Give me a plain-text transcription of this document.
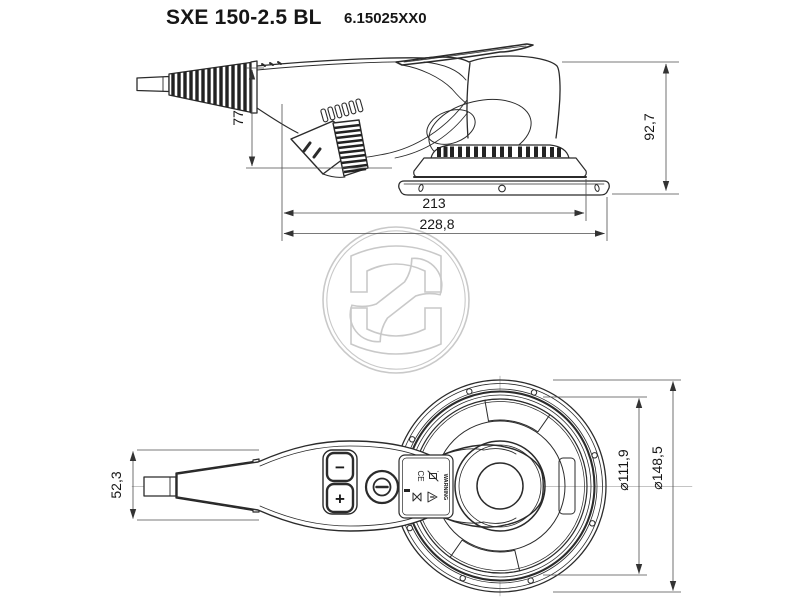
SXE 150-2.5 BL 6.15025XX0
77	92,7
213
228,8
CE	WARNING
−
+
52,3	⌀111,9 ⌀148,5
